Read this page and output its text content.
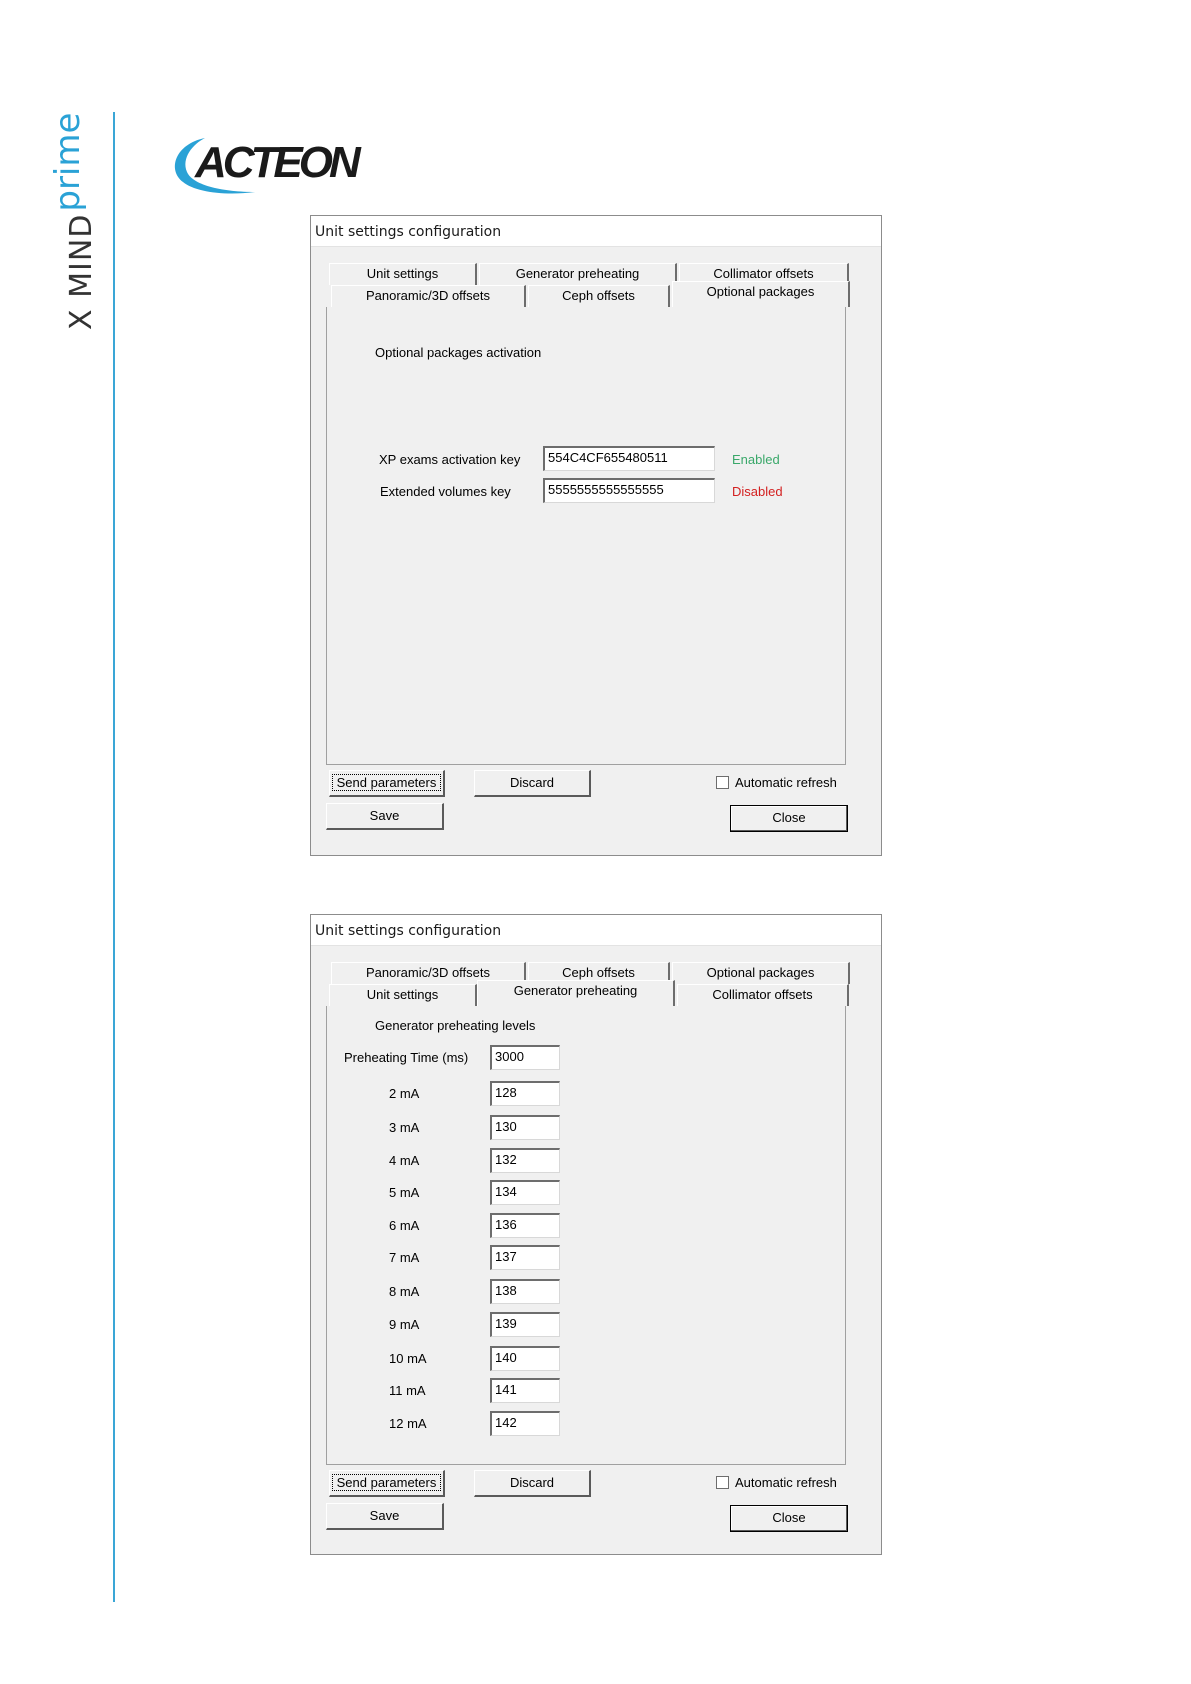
X MINDprime ACTEON
Unit settings configuration
Unit settings	Generator preheating	Collimator offsets
Panoramic/3D offsets	Ceph offsets	Optional packages
Optional packages activation
XP exams activation key	554C4CF655480511	Enabled
Extended volumes key	5555555555555555	Disabled
Send parameters	Discard	Automatic refresh
Save	Close
Unit settings configuration
Panoramic/3D offsets	Ceph offsets	Optional packages
Unit settings	Generator preheating	Collimator offsets
Generator preheating levels
Preheating Time (ms)	3000
2 mA	128
3 mA	130
4 mA	132
5 mA	134
6 mA	136
7 mA	137
8 mA	138
9 mA	139
10 mA	140
11 mA	141
12 mA	142
Send parameters	Discard	Automatic refresh
Save	Close
